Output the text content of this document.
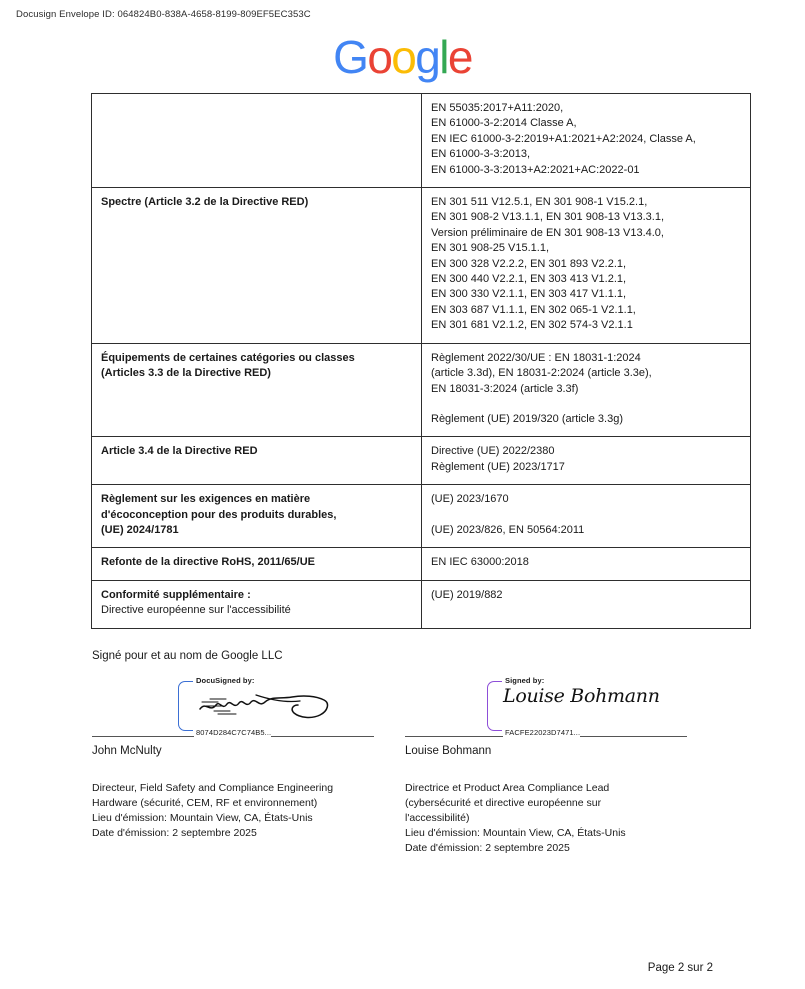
Docusign Envelope ID: 064824B0-838A-4658-8199-809EF5EC353C
Google

	EN 55035:2017+A11:2020,
EN 61000-3-2:2014 Classe A,
EN IEC 61000-3-2:2019+A1:2021+A2:2024, Classe A,
EN 61000-3-3:2013,
EN 61000-3-3:2013+A2:2021+AC:2022-01

Spectre (Article 3.2 de la Directive RED)	EN 301 511 V12.5.1, EN 301 908-1 V15.2.1,
EN 301 908-2 V13.1.1, EN 301 908-13 V13.3.1,
Version préliminaire de EN 301 908-13 V13.4.0,
EN 301 908-25 V15.1.1,
EN 300 328 V2.2.2, EN 301 893 V2.2.1,
EN 300 440 V2.2.1, EN 303 413 V1.2.1,
EN 300 330 V2.1.1, EN 303 417 V1.1.1,
EN 303 687 V1.1.1, EN 302 065-1 V2.1.1,
EN 301 681 V2.1.2, EN 302 574-3 V2.1.1

Équipements de certaines catégories ou classes
(Articles 3.3 de la Directive RED)	Règlement 2022/30/UE : EN 18031-1:2024
(article 3.3d), EN 18031-2:2024 (article 3.3e),
EN 18031-3:2024 (article 3.3f)
Règlement (UE) 2019/320 (article 3.3g)

Article 3.4 de la Directive RED	Directive (UE) 2022/2380
Règlement (UE) 2023/1717

Règlement sur les exigences en matière
d'écoconception pour des produits durables,
(UE) 2024/1781	(UE) 2023/1670
(UE) 2023/826, EN 50564:2011

Refonte de la directive RoHS, 2011/65/UE	EN IEC 63000:2018

Conformité supplémentaire :
Directive européenne sur l'accessibilité	(UE) 2019/882
Signé pour et au nom de Google LLC
DocuSigned by:
8074D284C7C74B5...
John McNulty
Directeur, Field Safety and Compliance Engineering
Hardware (sécurité, CEM, RF et environnement)
Lieu d'émission: Mountain View, CA, États-Unis
Date d'émission: 2 septembre 2025
Signed by:
Louise Bohmann
FACFE22023D7471...
Louise Bohmann
Directrice et Product Area Compliance Lead
(cybersécurité et directive européenne sur
l'accessibilité)
Lieu d'émission: Mountain View, CA, États-Unis
Date d'émission: 2 septembre 2025
Page 2 sur 2
